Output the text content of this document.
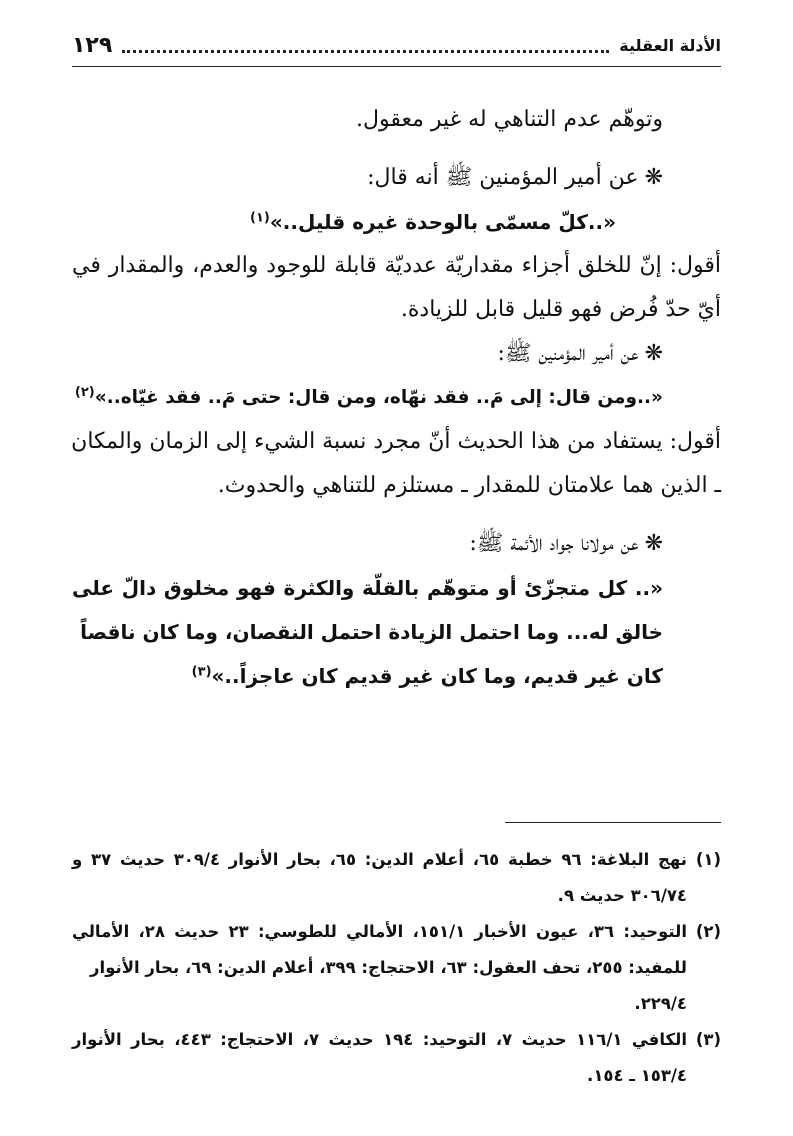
الأدلة العقلية
١٢٩

وتوهّم عدم التناهي له غير معقول.

❋عن أمير المؤمنين ﷺ أنه قال:

«..كلّ مسمّى بالوحدة غيره قليل..»$^{(١)}$

أقول: إنّ للخلق أجزاء مقداريّة عدديّة قابلة للوجود والعدم، والمقدار في

أيّ حدّ فُرض فهو قليل قابل للزيادة.

❋عن أمير المؤمنين ﷺ:

«..ومن قال: إلى مَ.. فقد نهّاه، ومن قال: حتى مَ.. فقد غيّاه..»$^{(٢)}$

أقول: يستفاد من هذا الحديث أنّ مجرد نسبة الشيء إلى الزمان والمكان

ـ الذين هما علامتان للمقدار ـ مستلزم للتناهي والحدوث.

❋عن مولانا جواد الأئمة ﷺ:

«.. كل متجزّئ أو متوهّم بالقلّة والكثرة فهو مخلوق دالّ على

خالق له... وما احتمل الزيادة احتمل النقصان، وما كان ناقصاً

كان غير قديم، وما كان غير قديم كان عاجزاً..»$^{(٣)}$

(١)
نهج البلاغة: ٩٦ خطبة ٦٥، أعلام الدين: ٦٥، بحار الأنوار ٣٠٩/٤ حديث ٣٧ و
٣٠٦/٧٤ حديث ٩.
(٢)
التوحيد: ٣٦، عيون الأخبار ١٥١/١، الأمالي للطوسي: ٢٣ حديث ٢٨، الأمالي
للمفيد: ٢٥٥، تحف العقول: ٦٣، الاحتجاج: ٣٩٩، أعلام الدين: ٦٩، بحار الأنوار
٢٢٩/٤.
(٣)
الكافي ١١٦/١ حديث ٧، التوحيد: ١٩٤ حديث ٧، الاحتجاج: ٤٤٣، بحار الأنوار
١٥٣/٤ ـ ١٥٤.
